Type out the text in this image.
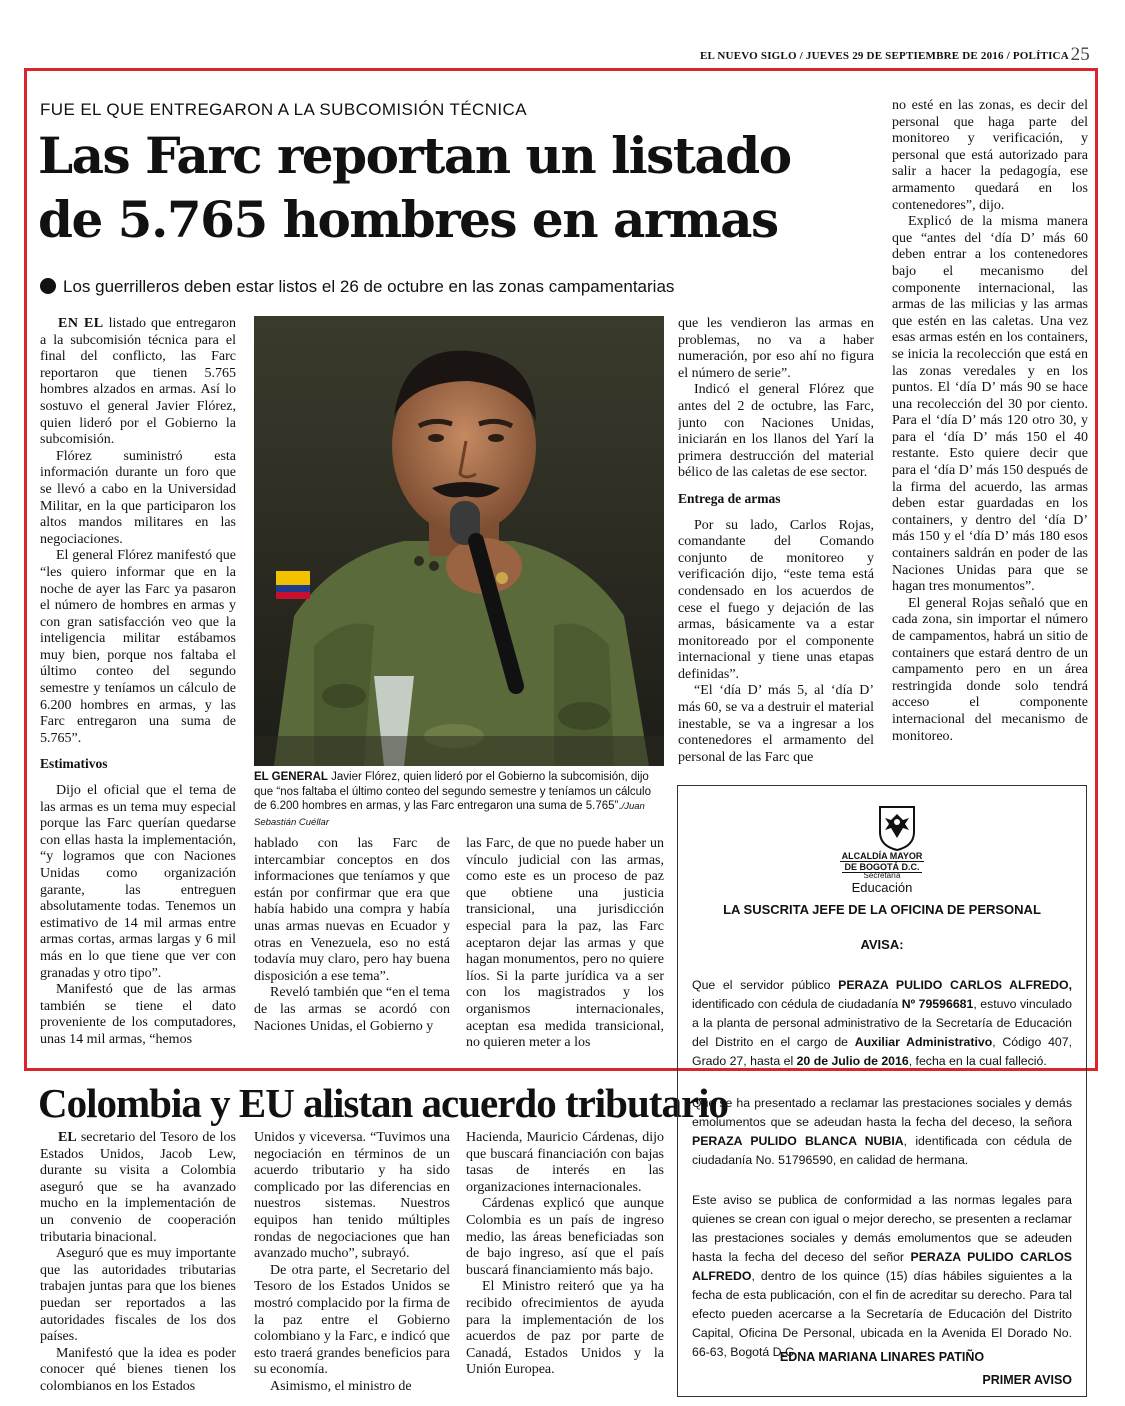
EL NUEVO SIGLO / JUEVES 29 DE SEPTIEMBRE DE 2016 / POLÍTICA 25
FUE EL QUE ENTREGARON A LA SUBCOMISIÓN TÉCNICA
Las Farc reportan un listado de 5.765 hombres en armas
Los guerrilleros deben estar listos el 26 de octubre en las zonas campamentarias

EN EL listado que entregaron a la subcomisión técnica para el final del conflicto, las Farc reportaron que tienen 5.765 hombres alzados en armas. Así lo sostuvo el general Javier Flórez, quien lideró por el Gobierno la subcomisión.

Flórez suministró esta información durante un foro que se llevó a cabo en la Universidad Militar, en la que participaron los altos mandos militares en las negociaciones.

El general Flórez manifestó que “les quiero informar que en la noche de ayer las Farc ya pasaron el número de hombres en armas y con gran satisfacción veo que la inteligencia militar estábamos muy bien, porque nos faltaba el último conteo del segundo semestre y teníamos un cálculo de 6.200 hombres en armas, y las Farc entregaron una suma de 5.765”.

Estimativos

Dijo el oficial que el tema de las armas es un tema muy especial porque las Farc querían quedarse con ellas hasta la implementación, “y logramos que con Naciones Unidas como organización garante, las entreguen absolutamente todas. Tenemos un estimativo de 14 mil armas entre armas cortas, armas largas y 6 mil más en lo que tiene que ver con granadas y otro tipo”.

Manifestó que de las armas también se tiene el dato proveniente de los computadores, unas 14 mil armas, “hemos

EL GENERAL Javier Flórez, quien lideró por el Gobierno la subcomisión, dijo que “nos faltaba el último conteo del segundo semestre y teníamos un cálculo de 6.200 hombres en armas, y las Farc entregaron una suma de 5.765”./Juan Sebastián Cuéllar

hablado con las Farc de intercambiar conceptos en dos informaciones que teníamos y que están por confirmar que era que había habido una compra y había unas armas nuevas en Ecuador y otras en Venezuela, eso no está todavía muy claro, pero hay buena disposición a ese tema”.

Reveló también que “en el tema de las armas se acordó con Naciones Unidas, el Gobierno y

las Farc, de que no puede haber un vínculo judicial con las armas, como este es un proceso de paz que obtiene una justicia transicional, una jurisdicción especial para la paz, las Farc aceptaron dejar las armas y que hagan monumentos, pero no quiere líos. Si la parte jurídica va a ser con los magistrados y los organismos internacionales, aceptan esa medida transicional, no quieren meter a los

que les vendieron las armas en problemas, no va a haber numeración, por eso ahí no figura el número de serie”.

Indicó el general Flórez que antes del 2 de octubre, las Farc, junto con Naciones Unidas, iniciarán en los llanos del Yarí la primera destrucción del material bélico de las caletas de ese sector.

Entrega de armas

Por su lado, Carlos Rojas, comandante del Comando conjunto de monitoreo y verificación dijo, “este tema está condensado en los acuerdos de cese el fuego y dejación de las armas, básicamente va a estar monitoreado por el componente internacional y tiene unas etapas definidas”.

“El ‘día D’ más 5, al ‘día D’ más 60, se va a destruir el material inestable, se va a ingresar a los contenedores el armamento del personal de las Farc que

no esté en las zonas, es decir del personal que haga parte del monitoreo y verificación, y personal que está autorizado para salir a hacer la pedagogía, ese armamento quedará en los contenedores”, dijo.

Explicó de la misma manera que “antes del ‘día D’ más 60 deben entrar a los contenedores bajo el mecanismo del componente internacional, las armas de las milicias y las armas que estén en las caletas. Una vez esas armas estén en los containers, se inicia la recolección que está en las zonas veredales y en los puntos. El ‘día D’ más 90 se hace una recolección del 30 por ciento. Para el ‘día D’ más 120 otro 30, y para el ‘día D’ más 150 el 40 restante. Esto quiere decir que para el ‘día D’ más 150 después de la firma del acuerdo, las armas deben estar guardadas en los containers, y dentro del ‘día D’ más 150 y el ‘día D’ más 180 esos containers saldrán en poder de las Naciones Unidas para que se hagan tres monumentos”.

El general Rojas señaló que en cada zona, sin importar el número de campamentos, habrá un sitio de containers que estará dentro de un campamento pero en un área restringida donde solo tendrá acceso el componente internacional del mecanismo de monitoreo.

Colombia y EU alistan acuerdo tributario

EL secretario del Tesoro de los Estados Unidos, Jacob Lew, durante su visita a Colombia aseguró que se ha avanzado mucho en la implementación de un convenio de cooperación tributaria binacional.

Aseguró que es muy importante que las autoridades tributarias trabajen juntas para que los bienes puedan ser reportados a las autoridades fiscales de los dos países.

Manifestó que la idea es poder conocer qué bienes tienen los colombianos en los Estados

Unidos y viceversa. “Tuvimos una negociación en términos de un acuerdo tributario y ha sido complicado por las diferencias en nuestros sistemas. Nuestros equipos han tenido múltiples rondas de negociaciones que han avanzado mucho”, subrayó.

De otra parte, el Secretario del Tesoro de los Estados Unidos se mostró complacido por la firma de la paz entre el Gobierno colombiano y la Farc, e indicó que esto traerá grandes beneficios para su economía.

Asimismo, el ministro de

Hacienda, Mauricio Cárdenas, dijo que buscará financiación con bajas tasas de interés en las organizaciones internacionales.

Cárdenas explicó que aunque Colombia es un país de ingreso medio, las áreas beneficiadas son de bajo ingreso, así que el país buscará financiamiento más bajo.

El Ministro reiteró que ya ha recibido ofrecimientos de ayuda para la implementación de los acuerdos de paz por parte de Canadá, Estados Unidos y la Unión Europea.

ALCALDÍA MAYOR
DE BOGOTÁ D.C.
Secretaría
Educación
LA SUSCRITA JEFE DE LA OFICINA DE PERSONAL
AVISA:
Que el servidor público PERAZA PULIDO CARLOS ALFREDO, identificado con cédula de ciudadanía Nº 79596681, estuvo vinculado a la planta de personal administrativo de la Secretaría de Educación del Distrito en el cargo de Auxiliar Administrativo, Código 407, Grado 27, hasta el 20 de Julio de 2016, fecha en la cual falleció.
Que se ha presentado a reclamar las prestaciones sociales y demás emolumentos que se adeudan hasta la fecha del deceso, la señora PERAZA PULIDO BLANCA NUBIA, identificada con cédula de ciudadanía No. 51796590, en calidad de hermana.
Este aviso se publica de conformidad a las normas legales para quienes se crean con igual o mejor derecho, se presenten a reclamar las prestaciones sociales y demás emolumentos que se adeuden hasta la fecha del deceso del señor PERAZA PULIDO CARLOS ALFREDO, dentro de los quince (15) días hábiles siguientes a la fecha de esta publicación, con el fin de acreditar su derecho. Para tal efecto pueden acercarse a la Secretaría de Educación del Distrito Capital, Oficina De Personal, ubicada en la Avenida El Dorado No. 66-63, Bogotá D.C.
EDNA MARIANA LINARES PATIÑO
PRIMER AVISO
